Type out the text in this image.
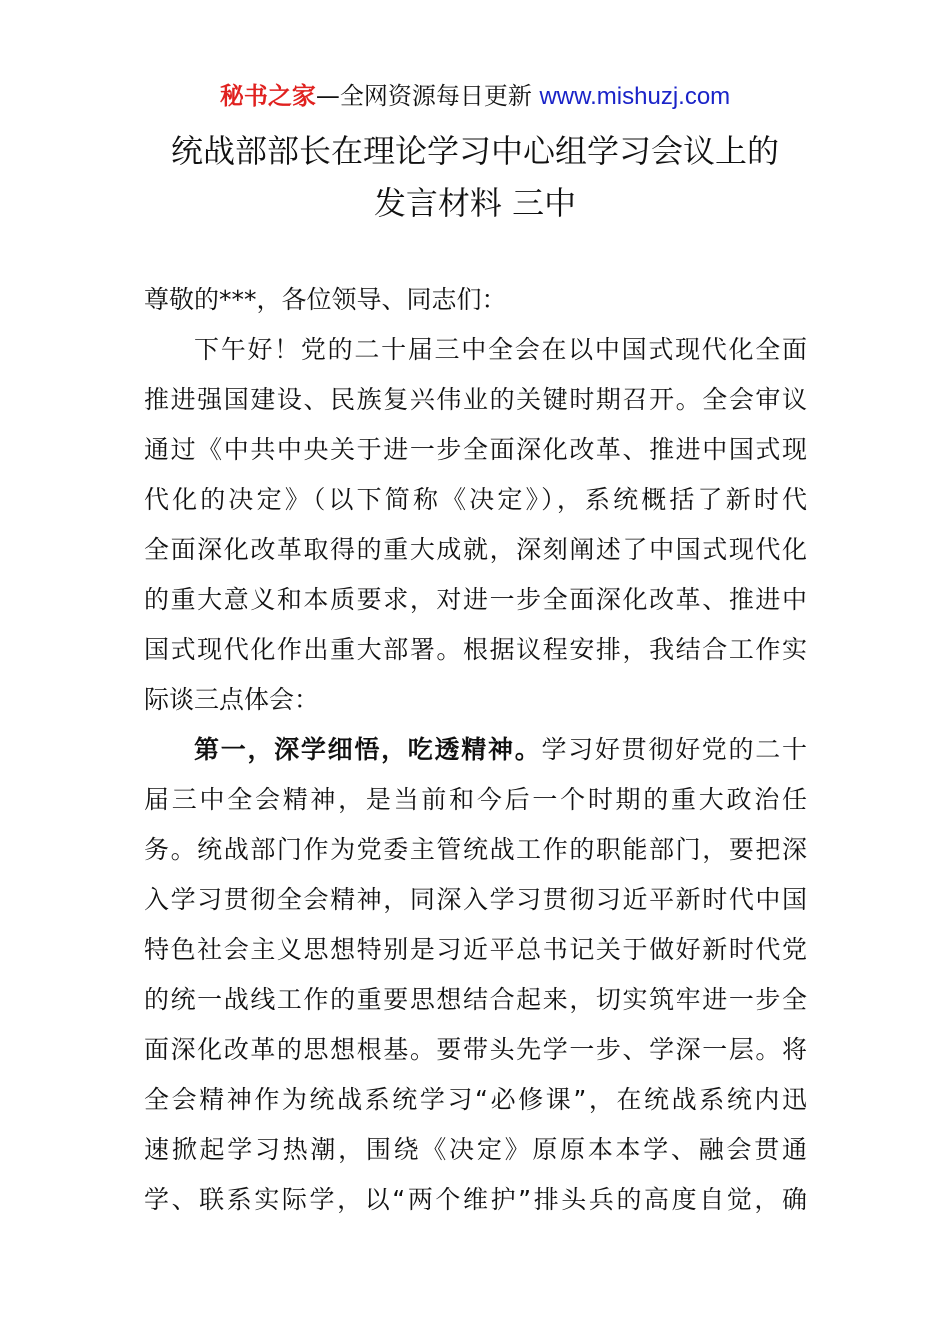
秘书之家—全网资源每日更新 www.mishuzj.com
统战部部长在理论学习中心组学习会议上的
发言材料 三中
尊敬的***，各位领导、同志们：
下午好！党的二十届三中全会在以中国式现代化全面
推进强国建设、民族复兴伟业的关键时期召开。全会审议
通过《中共中央关于进一步全面深化改革、推进中国式现
代化的决定》（以下简称《决定》），系统概括了新时代
全面深化改革取得的重大成就，深刻阐述了中国式现代化
的重大意义和本质要求，对进一步全面深化改革、推进中
国式现代化作出重大部署。根据议程安排，我结合工作实
际谈三点体会：
第一，深学细悟，吃透精神。学习好贯彻好党的二十
届三中全会精神，是当前和今后一个时期的重大政治任
务。统战部门作为党委主管统战工作的职能部门，要把深
入学习贯彻全会精神，同深入学习贯彻习近平新时代中国
特色社会主义思想特别是习近平总书记关于做好新时代党
的统一战线工作的重要思想结合起来，切实筑牢进一步全
面深化改革的思想根基。要带头先学一步、学深一层。将
全会精神作为统战系统学习“必修课”，在统战系统内迅
速掀起学习热潮，围绕《决定》原原本本学、融会贯通
学、联系实际学，以“两个维护”排头兵的高度自觉，确
